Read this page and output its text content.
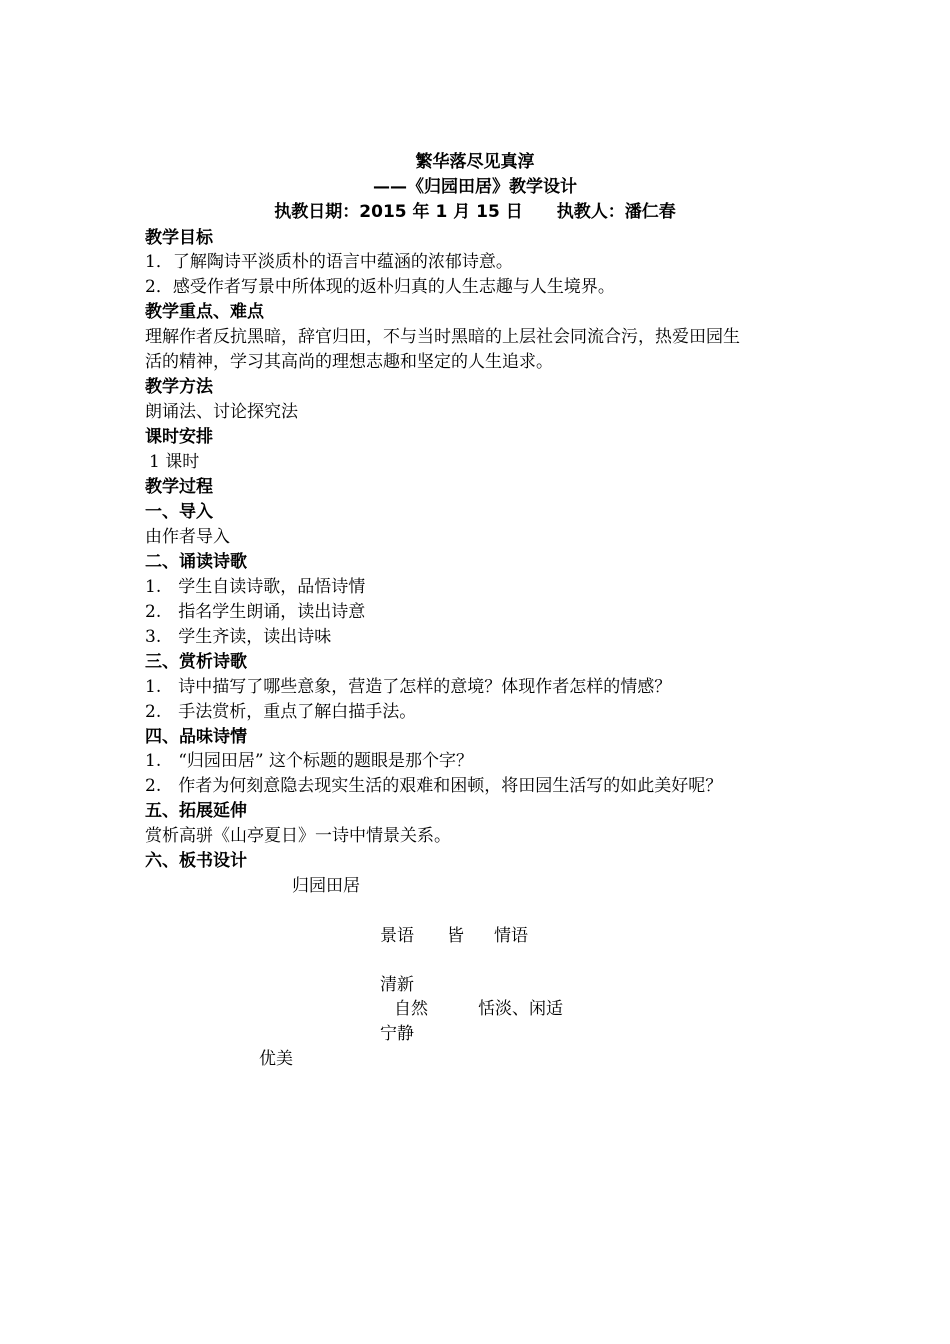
繁华落尽见真淳
——《归园田居》教学设计
执教日期：2015 年 1 月 15 日　　执教人：潘仁春
教学目标
1．了解陶诗平淡质朴的语言中蕴涵的浓郁诗意。
2．感受作者写景中所体现的返朴归真的人生志趣与人生境界。
教学重点、难点
理解作者反抗黑暗，辞官归田，不与当时黑暗的上层社会同流合污，热爱田园生
活的精神，学习其高尚的理想志趣和坚定的人生追求。
教学方法
朗诵法、讨论探究法
课时安排
1 课时
教学过程
一、导入
由作者导入
二、诵读诗歌
1.　学生自读诗歌，品悟诗情
2.　指名学生朗诵，读出诗意
3.　学生齐读，读出诗味
三、赏析诗歌
1.　诗中描写了哪些意象，营造了怎样的意境？体现作者怎样的情感？
2.　手法赏析，重点了解白描手法。
四、品味诗情
1.　“归园田居” 这个标题的题眼是那个字？
2.　作者为何刻意隐去现实生活的艰难和困顿，将田园生活写的如此美好呢？
五、拓展延伸
赏析高骈《山亭夏日》一诗中情景关系。
六、板书设计
归园田居
景语 皆 情语
清新
自然	恬淡、闲适
宁静
优美
